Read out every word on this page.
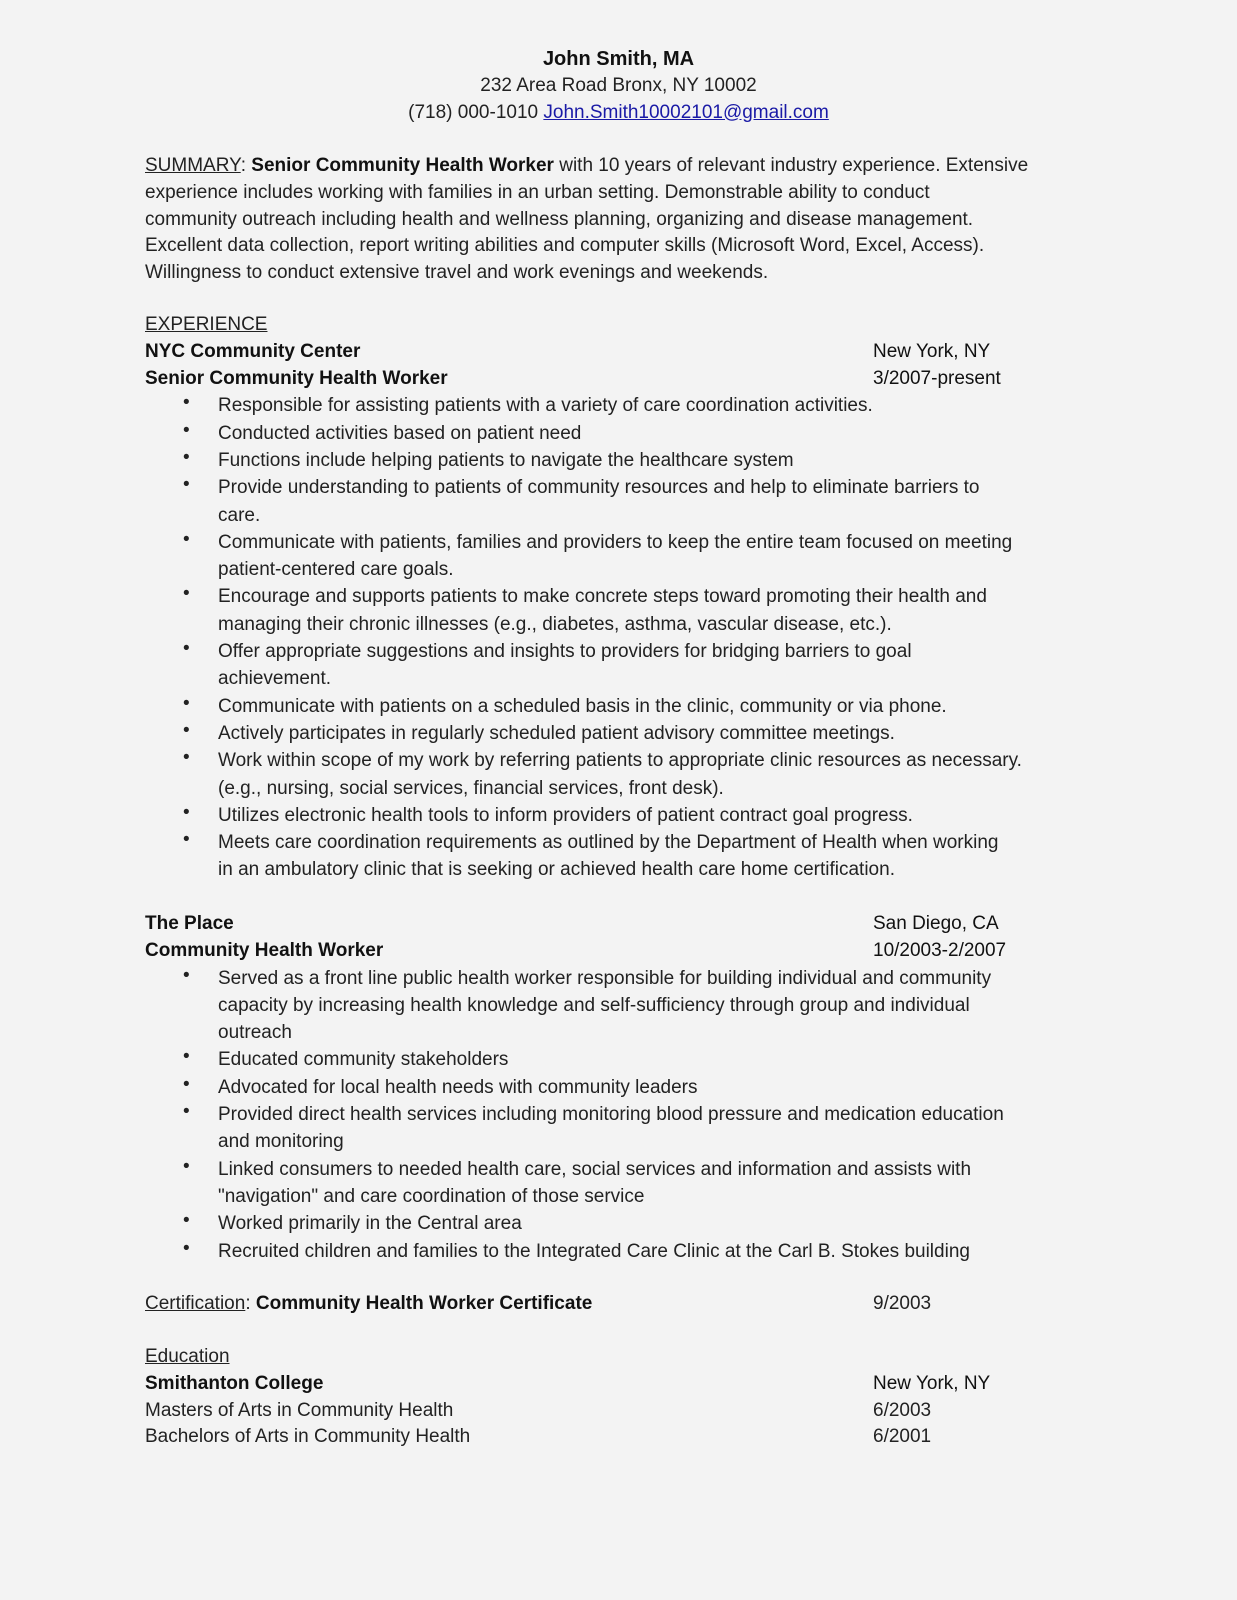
John Smith, MA
232 Area Road Bronx, NY 10002
(718) 000-1010 John.Smith10002101@gmail.com
SUMMARY: Senior Community Health Worker with 10 years of relevant industry experience. Extensive
experience includes working with families in an urban setting. Demonstrable ability to conduct
community outreach including health and wellness planning, organizing and disease management.
Excellent data collection, report writing abilities and computer skills (Microsoft Word, Excel, Access).
Willingness to conduct extensive travel and work evenings and weekends.
EXPERIENCE
NYC Community Center	New York, NY
Senior Community Health Worker	3/2007-present
• Responsible for assisting patients with a variety of care coordination activities.
• Conducted activities based on patient need
• Functions include helping patients to navigate the healthcare system
• Provide understanding to patients of community resources and help to eliminate barriers to
care.
• Communicate with patients, families and providers to keep the entire team focused on meeting
patient-centered care goals.
• Encourage and supports patients to make concrete steps toward promoting their health and
managing their chronic illnesses (e.g., diabetes, asthma, vascular disease, etc.).
• Offer appropriate suggestions and insights to providers for bridging barriers to goal
achievement.
• Communicate with patients on a scheduled basis in the clinic, community or via phone.
• Actively participates in regularly scheduled patient advisory committee meetings.
• Work within scope of my work by referring patients to appropriate clinic resources as necessary.
(e.g., nursing, social services, financial services, front desk).
• Utilizes electronic health tools to inform providers of patient contract goal progress.
• Meets care coordination requirements as outlined by the Department of Health when working
in an ambulatory clinic that is seeking or achieved health care home certification.
The Place	San Diego, CA
Community Health Worker	10/2003-2/2007
• Served as a front line public health worker responsible for building individual and community
capacity by increasing health knowledge and self-sufficiency through group and individual
outreach
• Educated community stakeholders
• Advocated for local health needs with community leaders
• Provided direct health services including monitoring blood pressure and medication education
and monitoring
• Linked consumers to needed health care, social services and information and assists with
"navigation" and care coordination of those service
• Worked primarily in the Central area
• Recruited children and families to the Integrated Care Clinic at the Carl B. Stokes building
Certification: Community Health Worker Certificate	9/2003
Education
Smithanton College	New York, NY
Masters of Arts in Community Health	6/2003
Bachelors of Arts in Community Health	6/2001
